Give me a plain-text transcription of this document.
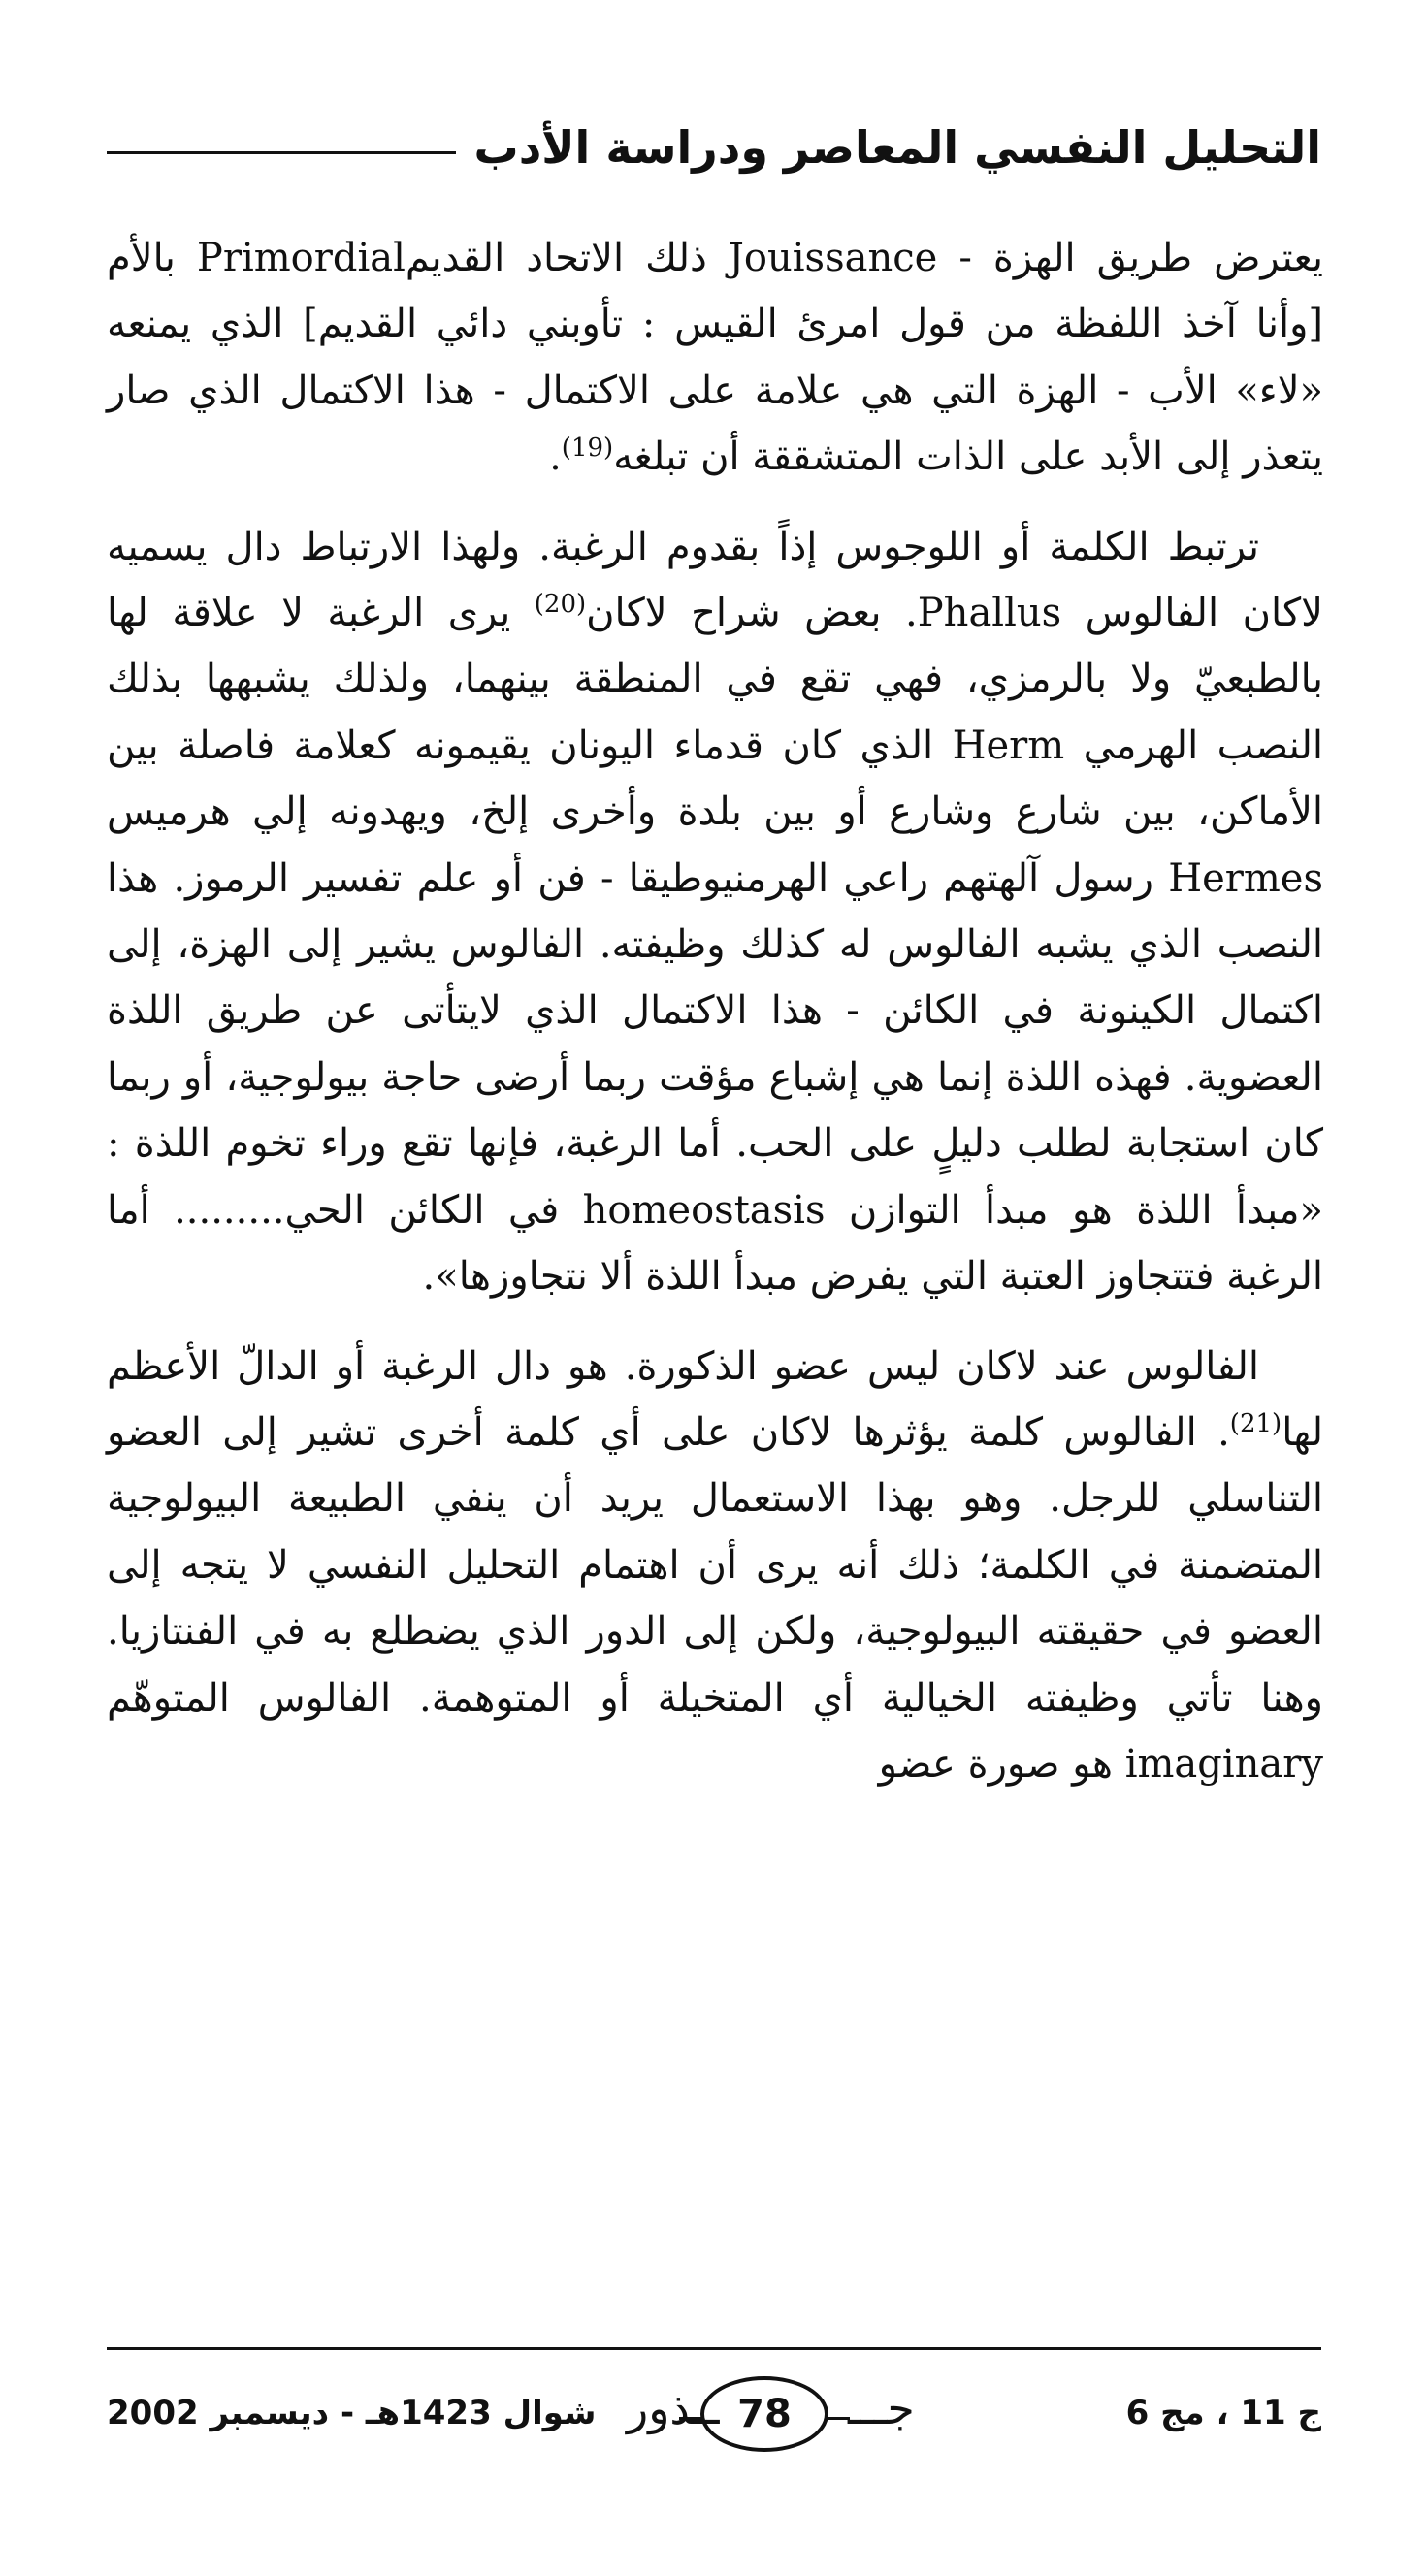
التحليل النفسي المعاصر ودراسة الأدب

يعترض طريق الهزة - Jouissance ذلك الاتحاد القديمPrimordial بالأم [وأنا آخذ اللفظة من قول امرئ القيس : تأوبني دائي القديم] الذي يمنعه «لاء» الأب - الهزة التي هي علامة على الاكتمال - هذا الاكتمال الذي صار يتعذر إلى الأبد على الذات المتشققة أن تبلغه$^{(19)}$.

ترتبط الكلمة أو اللوجوس إذاً بقدوم الرغبة. ولهذا الارتباط دال يسميه لاكان الفالوس Phallus. بعض شراح لاكان$^{(20)}$ يرى الرغبة لا علاقة لها بالطبعيّ ولا بالرمزي، فهي تقع في المنطقة بينهما، ولذلك يشبهها بذلك النصب الهرمي Herm الذي كان قدماء اليونان يقيمونه كعلامة فاصلة بين الأماكن، بين شارع وشارع أو بين بلدة وأخرى إلخ، ويهدونه إلي هرميس Hermes رسول آلهتهم راعي الهرمنيوطيقا - فن أو علم تفسير الرموز. هذا النصب الذي يشبه الفالوس له كذلك وظيفته. الفالوس يشير إلى الهزة، إلى اكتمال الكينونة في الكائن - هذا الاكتمال الذي لايتأتى عن طريق اللذة العضوية. فهذه اللذة إنما هي إشباع مؤقت ربما أرضى حاجة بيولوجية، أو ربما كان استجابة لطلب دليلٍ على الحب. أما الرغبة، فإنها تقع وراء تخوم اللذة : «مبدأ اللذة هو مبدأ التوازن homeostasis في الكائن الحي......... أما الرغبة فتتجاوز العتبة التي يفرض مبدأ اللذة ألا نتجاوزها».

الفالوس عند لاكان ليس عضو الذكورة. هو دال الرغبة أو الدالّ الأعظم لها$^{(21)}$. الفالوس كلمة يؤثرها لاكان على أي كلمة أخرى تشير إلى العضو التناسلي للرجل. وهو بهذا الاستعمال يريد أن ينفي الطبيعة البيولوجية المتضمنة في الكلمة؛ ذلك أنه يرى أن اهتمام التحليل النفسي لا يتجه إلى العضو في حقيقته البيولوجية، ولكن إلى الدور الذي يضطلع به في الفنتازيا. وهنا تأتي وظيفته الخيالية أي المتخيلة أو المتوهمة. الفالوس المتوهّم imaginary هو صورة عضو

ج 11 ، مج 6
جـــ
78
ــذور
شوال 1423هـ - ديسمبر 2002
